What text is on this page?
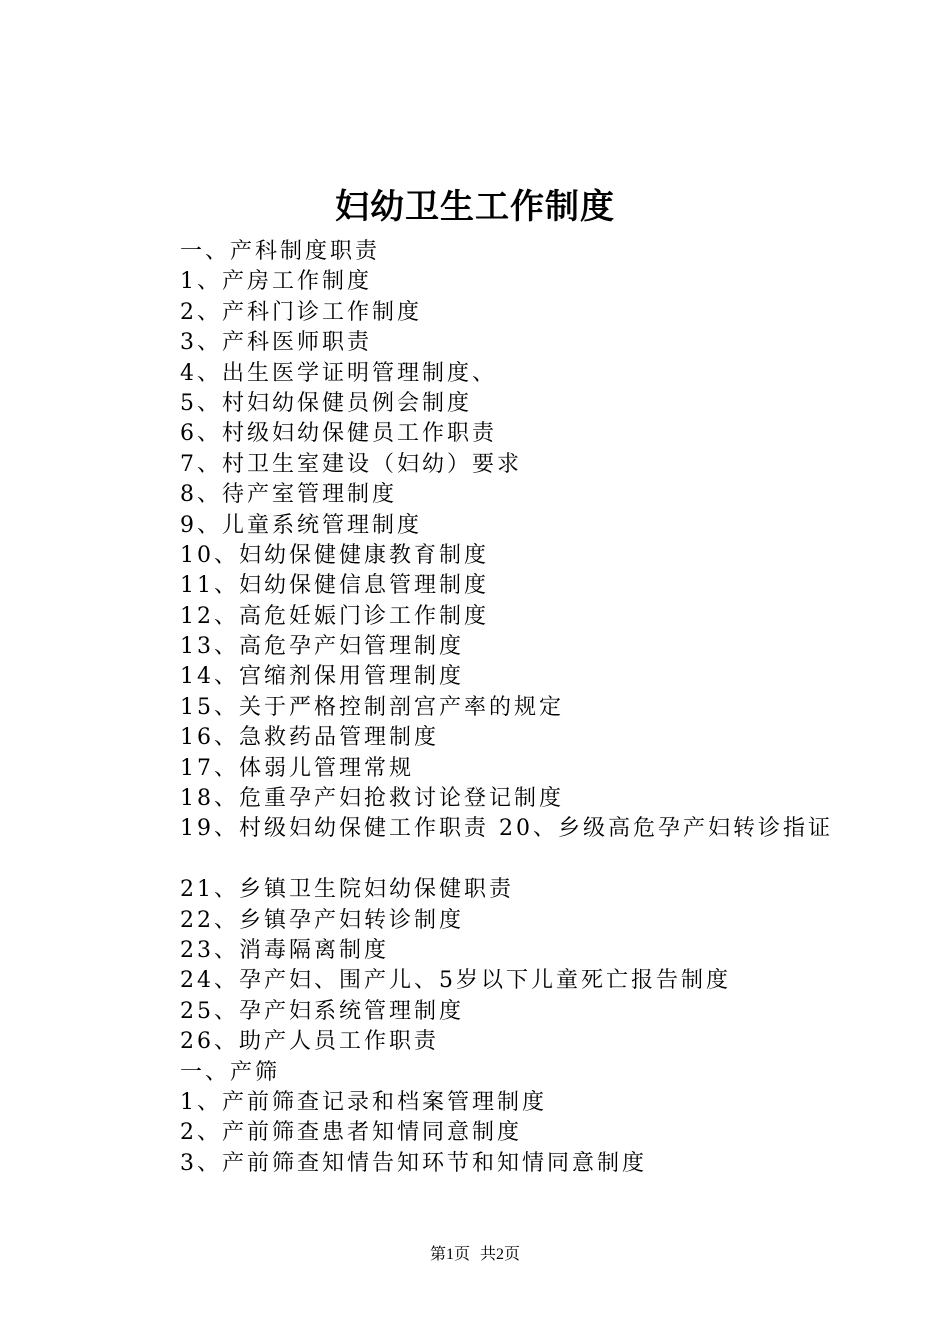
妇幼卫生工作制度
一、产科制度职责
1、产房工作制度
2、产科门诊工作制度
3、产科医师职责
4、出生医学证明管理制度、
5、村妇幼保健员例会制度
6、村级妇幼保健员工作职责
7、村卫生室建设（妇幼）要求
8、待产室管理制度
9、儿童系统管理制度
10、妇幼保健健康教育制度
11、妇幼保健信息管理制度
12、高危妊娠门诊工作制度
13、高危孕产妇管理制度
14、宫缩剂保用管理制度
15、关于严格控制剖宫产率的规定
16、急救药品管理制度
17、体弱儿管理常规
18、危重孕产妇抢救讨论登记制度
19、村级妇幼保健工作职责 20、乡级高危孕产妇转诊指证
21、乡镇卫生院妇幼保健职责
22、乡镇孕产妇转诊制度
23、消毒隔离制度
24、孕产妇、围产儿、5岁以下儿童死亡报告制度
25、孕产妇系统管理制度
26、助产人员工作职责
一、产筛
1、产前筛查记录和档案管理制度
2、产前筛查患者知情同意制度
3、产前筛查知情告知环节和知情同意制度
第1页 共2页
